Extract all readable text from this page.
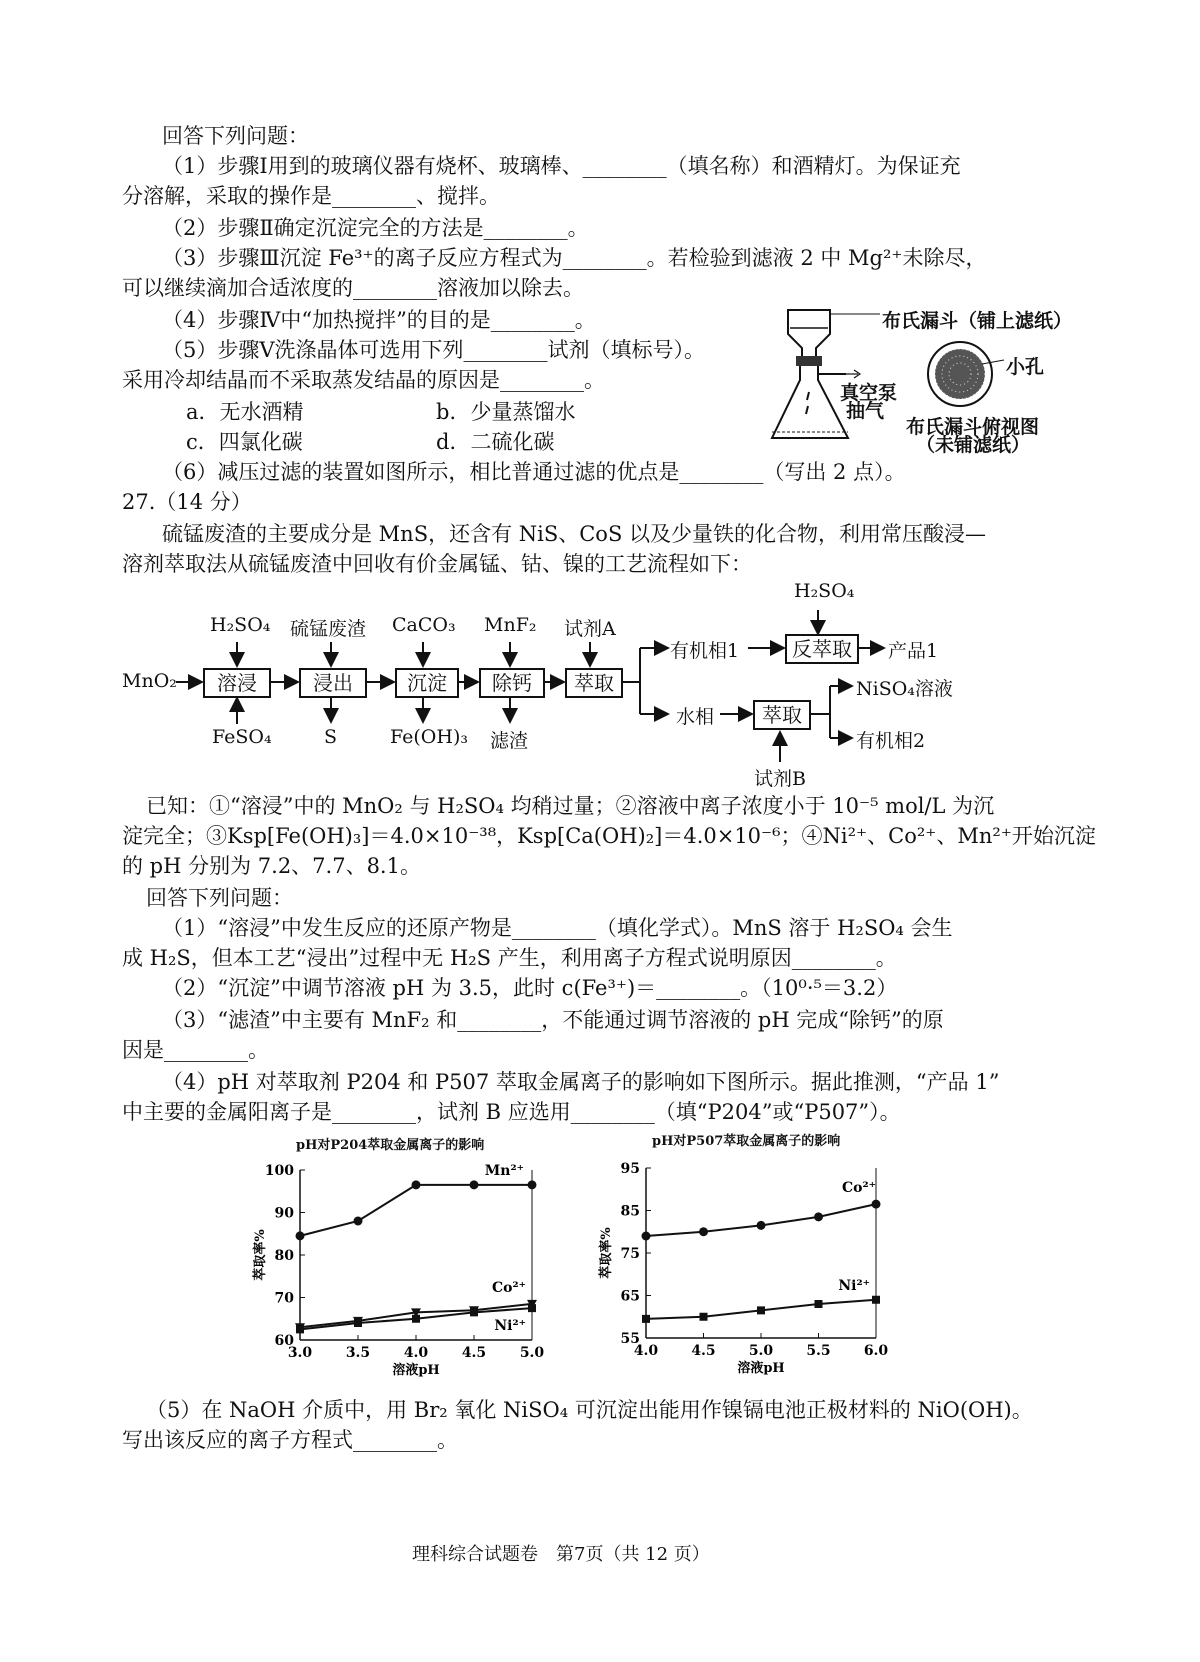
回答下列问题：
（1）步骤Ⅰ用到的玻璃仪器有烧杯、玻璃棒、________（填名称）和酒精灯。为保证充
分溶解，采取的操作是________、搅拌。
（2）步骤Ⅱ确定沉淀完全的方法是________。
（3）步骤Ⅲ沉淀 Fe³⁺的离子反应方程式为________。若检验到滤液 2 中 Mg²⁺未除尽，
可以继续滴加合适浓度的________溶液加以除去。
（4）步骤Ⅳ中“加热搅拌”的目的是________。
（5）步骤Ⅴ洗涤晶体可选用下列________试剂（填标号）。
采用冷却结晶而不采取蒸发结晶的原因是________。
a．无水酒精	b．少量蒸馏水
c．四氯化碳	d．二硫化碳
（6）减压过滤的装置如图所示，相比普通过滤的优点是________（写出 2 点）。
布氏漏斗（铺上滤纸）
小孔
真空泵
抽气
布氏漏斗俯视图
（未铺滤纸）
27.（14 分）
硫锰废渣的主要成分是 MnS，还含有 NiS、CoS 以及少量铁的化合物，利用常压酸浸—
溶剂萃取法从硫锰废渣中回收有价金属锰、钴、镍的工艺流程如下：
H₂SO₄ 硫锰废渣 CaCO₃ MnF₂ 试剂A
MnO₂	溶浸	浸出	沉淀	除钙	萃取
FeSO₄	S	Fe(OH)₃ 滤渣
有机相1
H₂SO₄
反萃取	产品1
水相	萃取
NiSO₄溶液
有机相2
试剂B
已知：①“溶浸”中的 MnO₂ 与 H₂SO₄ 均稍过量；②溶液中离子浓度小于 10⁻⁵ mol/L 为沉
淀完全；③Ksp[Fe(OH)₃]＝4.0×10⁻³⁸，Ksp[Ca(OH)₂]＝4.0×10⁻⁶；④Ni²⁺、Co²⁺、Mn²⁺开始沉淀
的 pH 分别为 7.2、7.7、8.1。
回答下列问题：
（1）“溶浸”中发生反应的还原产物是________（填化学式）。MnS 溶于 H₂SO₄ 会生
成 H₂S，但本工艺“浸出”过程中无 H₂S 产生，利用离子方程式说明原因________。
（2）“沉淀”中调节溶液 pH 为 3.5，此时 c(Fe³⁺)＝________。（10⁰·⁵＝3.2）
（3）“滤渣”中主要有 MnF₂ 和________，不能通过调节溶液的 pH 完成“除钙”的原
因是________。
（4）pH 对萃取剂 P204 和 P507 萃取金属离子的影响如下图所示。据此推测，“产品 1”
中主要的金属阳离子是________，试剂 B 应选用________（填“P204”或“P507”）。
pH对P204萃取金属离子的影响	pH对P507萃取金属离子的影响
3.0 3.5 4.0 4.5 5.0
60
70
80
90
100
溶液pH
萃取率%
Mn²⁺
Co²⁺
Ni²⁺
4.0 4.5 5.0 5.5 6.0
55
65
75
85
95
溶液pH
萃取率%
Co²⁺
Ni²⁺
（5）在 NaOH 介质中，用 Br₂ 氧化 NiSO₄ 可沉淀出能用作镍镉电池正极材料的 NiO(OH)。
写出该反应的离子方程式________。
理科综合试题卷　第7页（共 12 页）
